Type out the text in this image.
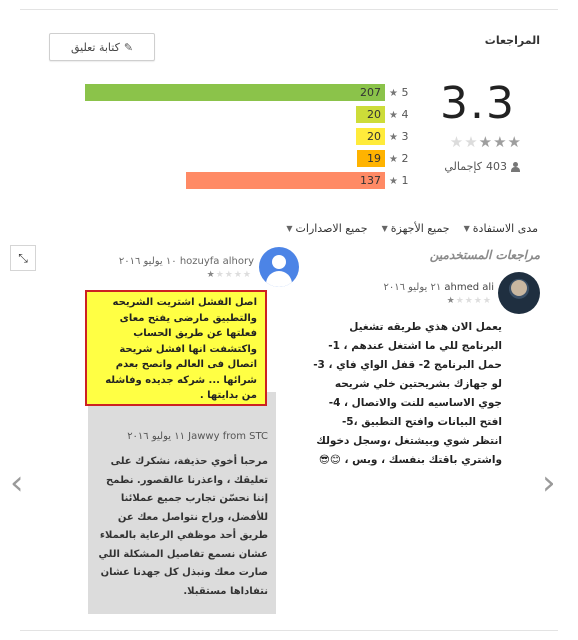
المراجعات
✎
كتابة تعليق
207 ★ 5
20 ★ 4
20 ★ 3
19 ★ 2
137 ★ 1
3.3
★★★★★
403
كإجمالي
مدى الاستفادة
▼
جميع الأجهزة
▼
جميع الاصدارات
▼
مراجعات المستخدمين
⤡
ahmed ali ٢١ يوليو ٢٠١٦
★★★★★
يعمل الان هذي طريقه تشغيل البرنامج للي ما اشتغل عندهم ، 1- حمل البرنامج 2- قفل الواي فاي ، 3- لو جهازك بشريحتين خلي شريحه جوي الاساسيه للنت والاتصال ، 4- افتح البيانات وافتح التطبيق ،5- انتظر شوي وبيشتغل ،وسجل دخولك واشتري باقتك بنفسك ، وبس ، 😊😎
hozuyfa alhory ١٠ يوليو ٢٠١٦
★★★★★
Jawwy from STC ١١ يوليو ٢٠١٦
مرحبا أخوي حذيفة، نشكرك على تعليقك ، واعذرنا عالقصور. نطمح إننا نحسّن تجارب جميع عملائنا للأفضل، وراح نتواصل معك عن طريق أحد موظفي الرعاية بالعملاء عشان نسمع تفاصيل المشكلة اللي صارت معك ونبذل كل جهدنا عشان نتفاداها مستقبلا.
اصل الفشل اشتريت الشريحه والتطبيق مارضى يفتح معاى فعلتها عن طريق الحساب واكتشفت انها افشل شريحة اتصال فى العالم وانصح بعدم شرائها ... شركه جديده وفاشله من بدايتها .
‹	›
